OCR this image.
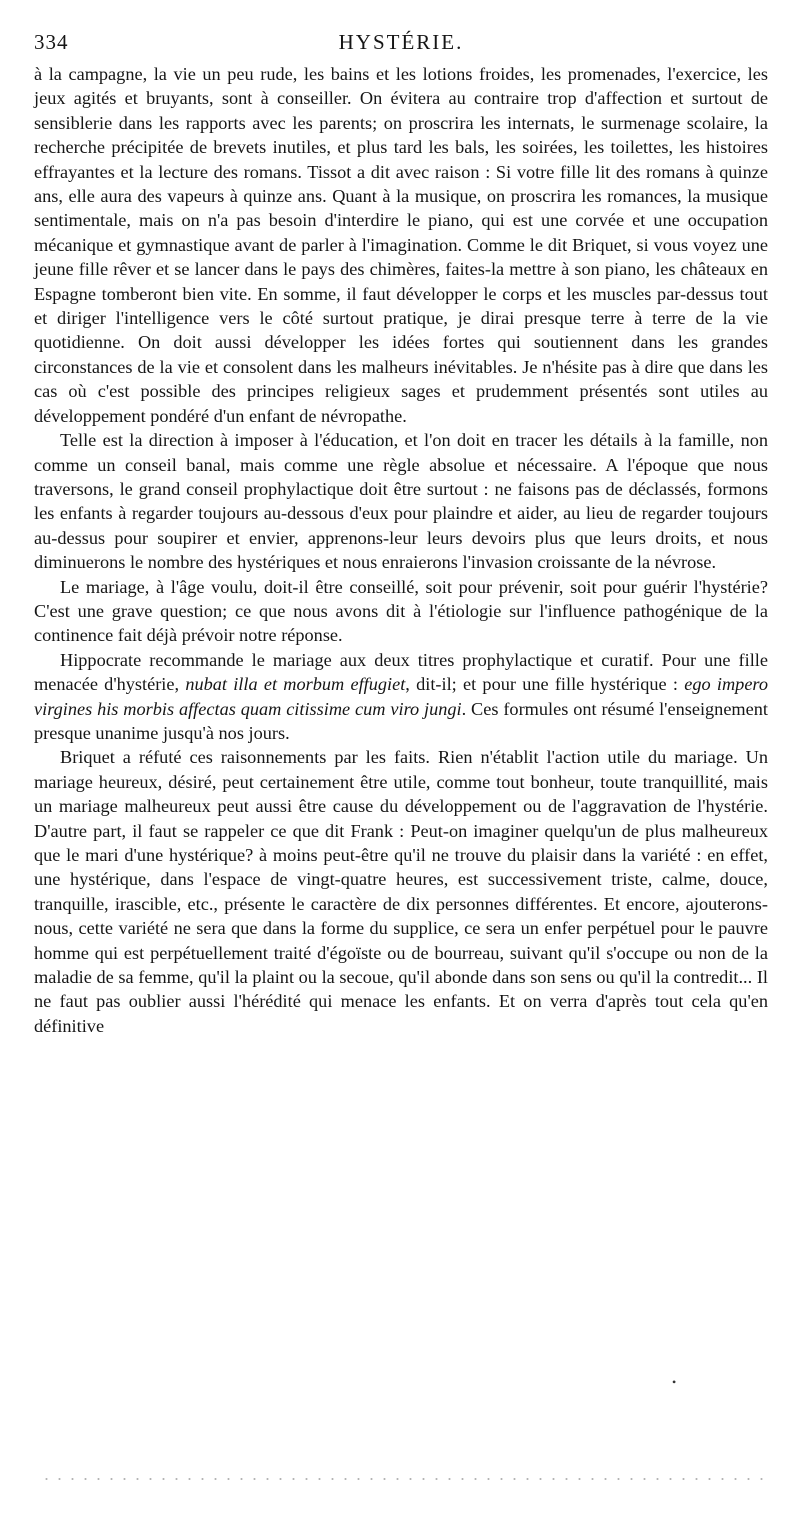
334	HYSTÉRIE.

à la campagne, la vie un peu rude, les bains et les lotions froides, les promenades, l'exercice, les jeux agités et bruyants, sont à conseiller. On évitera au contraire trop d'affection et surtout de sensiblerie dans les rapports avec les parents; on proscrira les internats, le surmenage scolaire, la recherche précipitée de brevets inutiles, et plus tard les bals, les soirées, les toilettes, les histoires effrayantes et la lecture des romans. Tissot a dit avec raison : Si votre fille lit des romans à quinze ans, elle aura des vapeurs à quinze ans. Quant à la musique, on proscrira les romances, la musique sentimentale, mais on n'a pas besoin d'interdire le piano, qui est une corvée et une occupation mécanique et gymnastique avant de parler à l'imagination. Comme le dit Briquet, si vous voyez une jeune fille rêver et se lancer dans le pays des chimères, faites-la mettre à son piano, les châteaux en Espagne tomberont bien vite. En somme, il faut développer le corps et les muscles par-dessus tout et diriger l'intelligence vers le côté surtout pratique, je dirai presque terre à terre de la vie quotidienne. On doit aussi développer les idées fortes qui soutiennent dans les grandes circonstances de la vie et consolent dans les malheurs inévitables. Je n'hésite pas à dire que dans les cas où c'est possible des principes religieux sages et prudemment présentés sont utiles au développement pondéré d'un enfant de névropathe.

Telle est la direction à imposer à l'éducation, et l'on doit en tracer les détails à la famille, non comme un conseil banal, mais comme une règle absolue et nécessaire. A l'époque que nous traversons, le grand conseil prophylactique doit être surtout : ne faisons pas de déclassés, formons les enfants à regarder toujours au-dessous d'eux pour plaindre et aider, au lieu de regarder toujours au-dessus pour soupirer et envier, apprenons-leur leurs devoirs plus que leurs droits, et nous diminuerons le nombre des hystériques et nous enraierons l'invasion croissante de la névrose.

Le mariage, à l'âge voulu, doit-il être conseillé, soit pour prévenir, soit pour guérir l'hystérie? C'est une grave question; ce que nous avons dit à l'étiologie sur l'influence pathogénique de la continence fait déjà prévoir notre réponse.

Hippocrate recommande le mariage aux deux titres prophylactique et curatif. Pour une fille menacée d'hystérie, nubat illa et morbum effugiet, dit-il; et pour une fille hystérique : ego impero virgines his morbis affectas quam citissime cum viro jungi. Ces formules ont résumé l'enseignement presque unanime jusqu'à nos jours.

Briquet a réfuté ces raisonnements par les faits. Rien n'établit l'action utile du mariage. Un mariage heureux, désiré, peut certainement être utile, comme tout bonheur, toute tranquillité, mais un mariage malheureux peut aussi être cause du développement ou de l'aggravation de l'hystérie. D'autre part, il faut se rappeler ce que dit Frank : Peut-on imaginer quelqu'un de plus malheureux que le mari d'une hystérique? à moins peut-être qu'il ne trouve du plaisir dans la variété : en effet, une hystérique, dans l'espace de vingt-quatre heures, est successivement triste, calme, douce, tranquille, irascible, etc., présente le caractère de dix personnes différentes. Et encore, ajouterons-nous, cette variété ne sera que dans la forme du supplice, ce sera un enfer perpétuel pour le pauvre homme qui est perpétuellement traité d'égoïste ou de bourreau, suivant qu'il s'occupe ou non de la maladie de sa femme, qu'il la plaint ou la secoue, qu'il abonde dans son sens ou qu'il la contredit... Il ne faut pas oublier aussi l'hérédité qui menace les enfants. Et on verra d'après tout cela qu'en définitive

•
